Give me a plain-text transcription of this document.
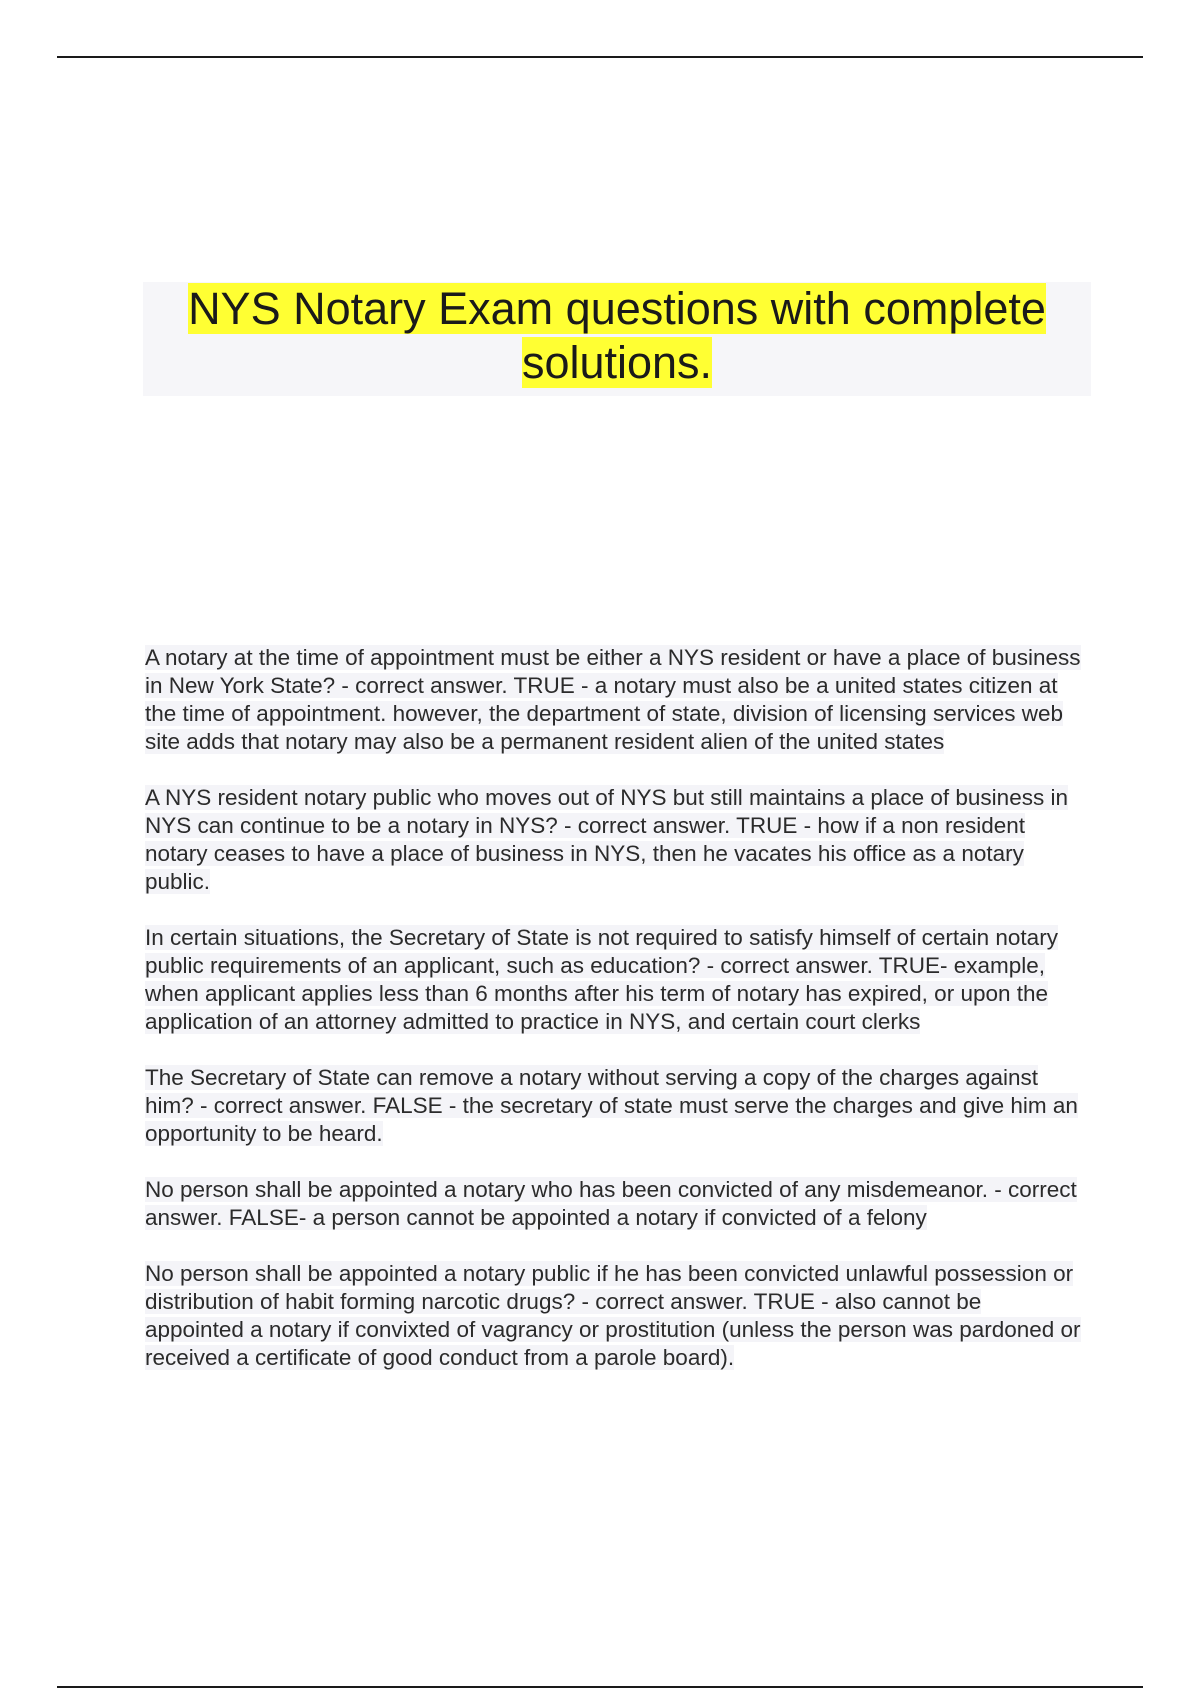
NYS Notary Exam questions with complete solutions.
A notary at the time of appointment must be either a NYS resident or have a place of business in New York State? - correct answer. TRUE - a notary must also be a united states citizen at the time of appointment. however, the department of state, division of licensing services web site adds that notary may also be a permanent resident alien of the united states
A NYS resident notary public who moves out of NYS but still maintains a place of business in NYS can continue to be a notary in NYS? - correct answer. TRUE - how if a non resident notary ceases to have a place of business in NYS, then he vacates his office as a notary public.
In certain situations, the Secretary of State is not required to satisfy himself of certain notary public requirements of an applicant, such as education? - correct answer. TRUE- example, when applicant applies less than 6 months after his term of notary has expired, or upon the application of an attorney admitted to practice in NYS, and certain court clerks
The Secretary of State can remove a notary without serving a copy of the charges against him? - correct answer. FALSE - the secretary of state must serve the charges and give him an opportunity to be heard.
No person shall be appointed a notary who has been convicted of any misdemeanor. - correct answer. FALSE- a person cannot be appointed a notary if convicted of a felony
No person shall be appointed a notary public if he has been convicted unlawful possession or distribution of habit forming narcotic drugs? - correct answer. TRUE - also cannot be appointed a notary if convixted of vagrancy or prostitution (unless the person was pardoned or received a certificate of good conduct from a parole board).
